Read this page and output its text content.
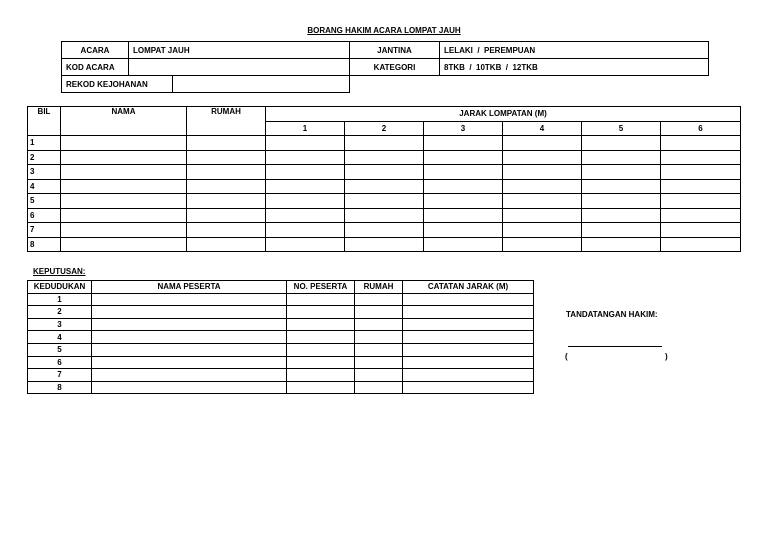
BORANG HAKIM ACARA LOMPAT JAUH
ACARA	LOMPAT JAUH	JANTINA	LELAKI  /  PEREMPUAN
KOD ACARA		KATEGORI	8TKB  /  10TKB  /  12TKB
REKOD KEJOHANAN	
BIL	NAMA	RUMAH	JARAK LOMPATAN (M)					
			1	2	3	4	5	6
1								
2								
3								
4								
5								
6								
7								
8								
KEPUTUSAN:
KEDUDUKAN	NAMA PESERTA	NO. PESERTA	RUMAH	CATATAN JARAK (M)
1				
2				
3				
4				
5				
6				
7				
8				
TANDATANGAN HAKIM:
(	)
